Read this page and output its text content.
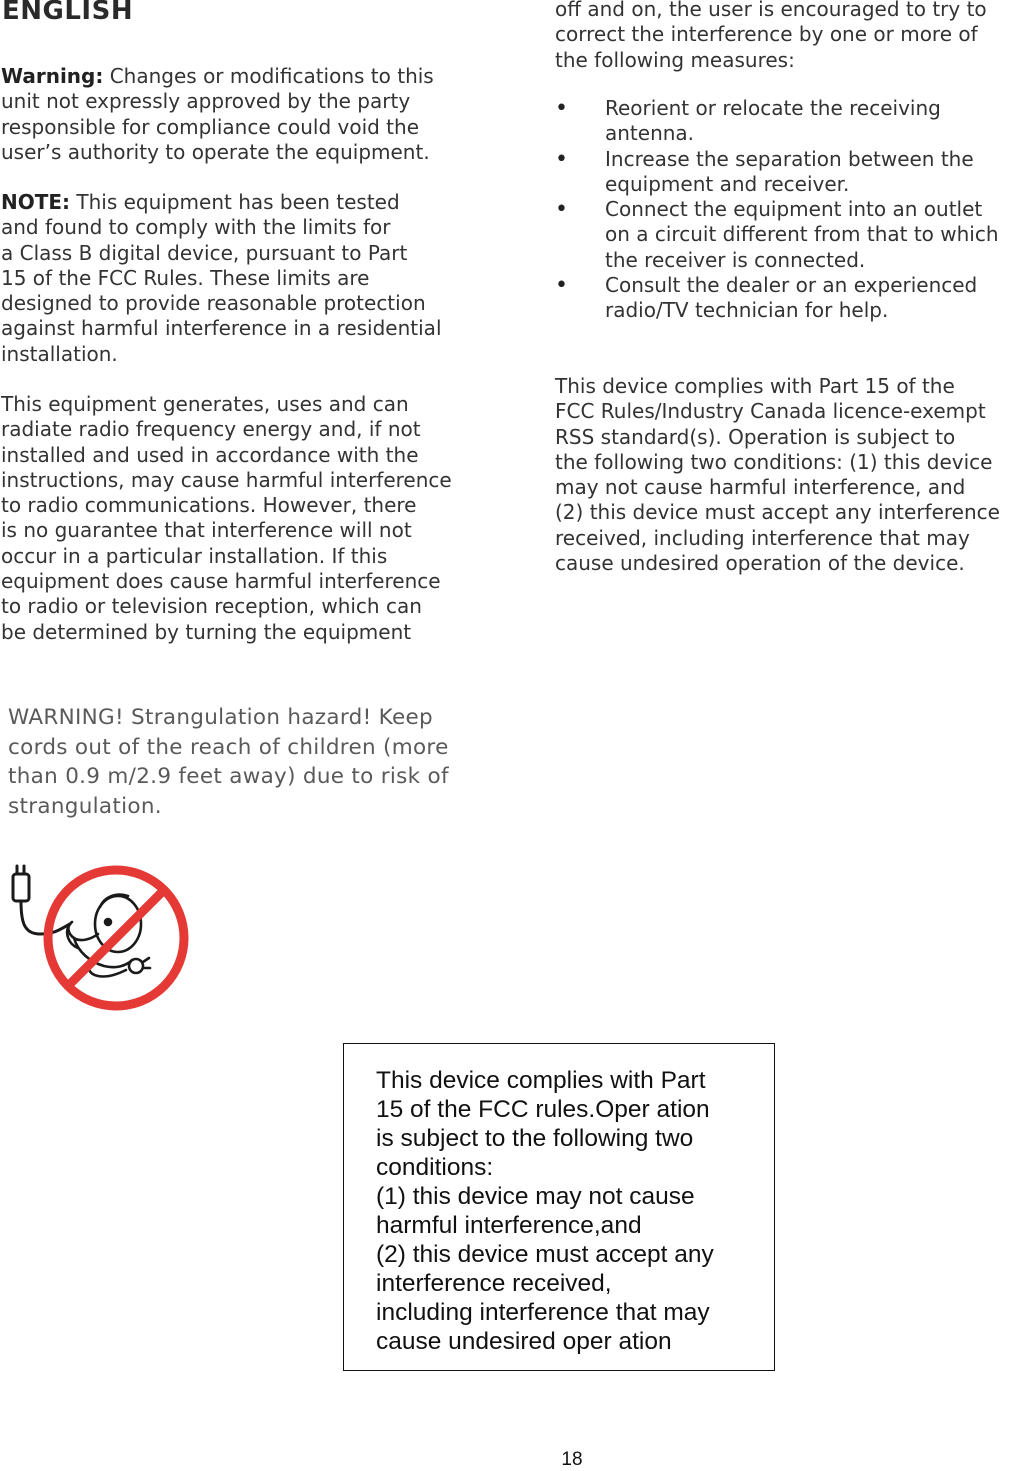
ENGLISH
Warning: Changes or modifications to this
unit not expressly approved by the party
responsible for compliance could void the
user’s authority to operate the equipment.
NOTE: This equipment has been tested
and found to comply with the limits for
a Class B digital device, pursuant to Part
15 of the FCC Rules. These limits are
designed to provide reasonable protection
against harmful interference in a residential
installation.
This equipment generates, uses and can
radiate radio frequency energy and, if not
installed and used in accordance with the
instructions, may cause harmful interference
to radio communications. However, there
is no guarantee that interference will not
occur in a particular installation. If this
equipment does cause harmful interference
to radio or television reception, which can
be determined by turning the equipment
off and on, the user is encouraged to try to
correct the interference by one or more of
the following measures:
•
Reorient or relocate the receiving
antenna.
•
Increase the separation between the
equipment and receiver.
•
Connect the equipment into an outlet
on a circuit different from that to which
the receiver is connected.
•
Consult the dealer or an experienced
radio/TV technician for help.
This device complies with Part 15 of the
FCC Rules/Industry Canada licence-exempt
RSS standard(s). Operation is subject to
the following two conditions: (1) this device
may not cause harmful interference, and
(2) this device must accept any interference
received, including interference that may
cause undesired operation of the device.
WARNING! Strangulation hazard! Keep
cords out of the reach of children (more
than 0.9 m/2.9 feet away) due to risk of
strangulation.
This device complies with Part
15 of the FCC rules.Oper ation
is subject to the following two
conditions:
(1) this device may not cause
harmful interference,and
(2) this device must accept any
interference received,
including interference that may
cause undesired oper ation
18
